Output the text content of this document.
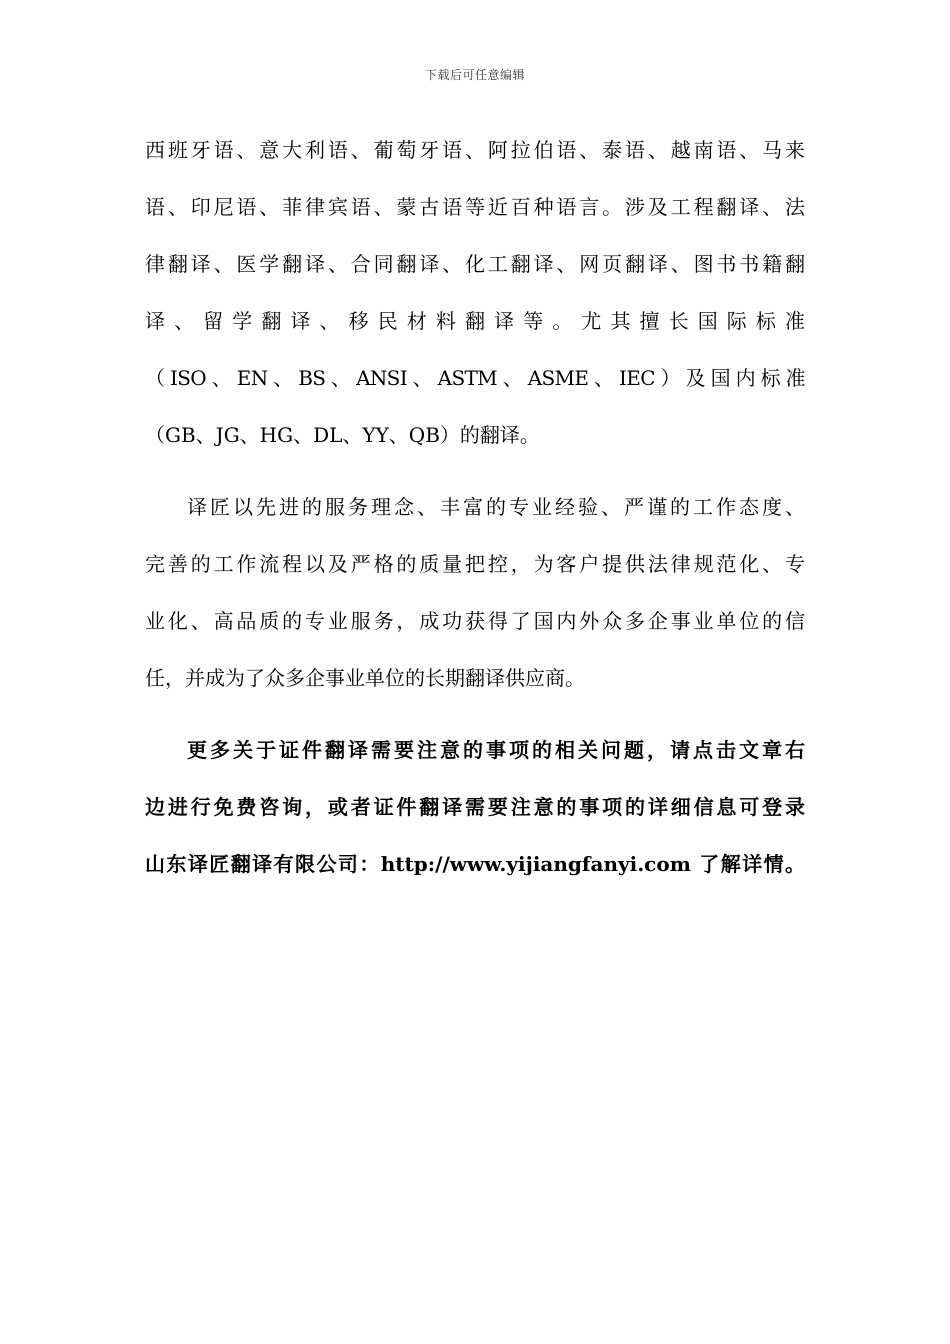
下载后可任意编辑

西班牙语、意大利语、葡萄牙语、阿拉伯语、泰语、越南语、马来
语、印尼语、菲律宾语、蒙古语等近百种语言。涉及工程翻译、法
律翻译、医学翻译、合同翻译、化工翻译、网页翻译、图书书籍翻
译 、 留 学 翻 译 、 移 民 材 料 翻 译 等 。 尤 其 擅 长 国 际 标 准
（ ISO 、 EN 、 BS 、 ANSI 、 ASTM 、 ASME 、 IEC ） 及 国 内 标 准
（GB、JG、HG、DL、YY、QB）的翻译。

译匠以先进的服务理念、丰富的专业经验、严谨的工作态度、
完善的工作流程以及严格的质量把控，为客户提供法律规范化、专
业化、高品质的专业服务，成功获得了国内外众多企事业单位的信
任，并成为了众多企事业单位的长期翻译供应商。

更多关于证件翻译需要注意的事项的相关问题，请点击文章右
边进行免费咨询，或者证件翻译需要注意的事项的详细信息可登录
山东译匠翻译有限公司：http://www.yijiangfanyi.com 了解详情。
